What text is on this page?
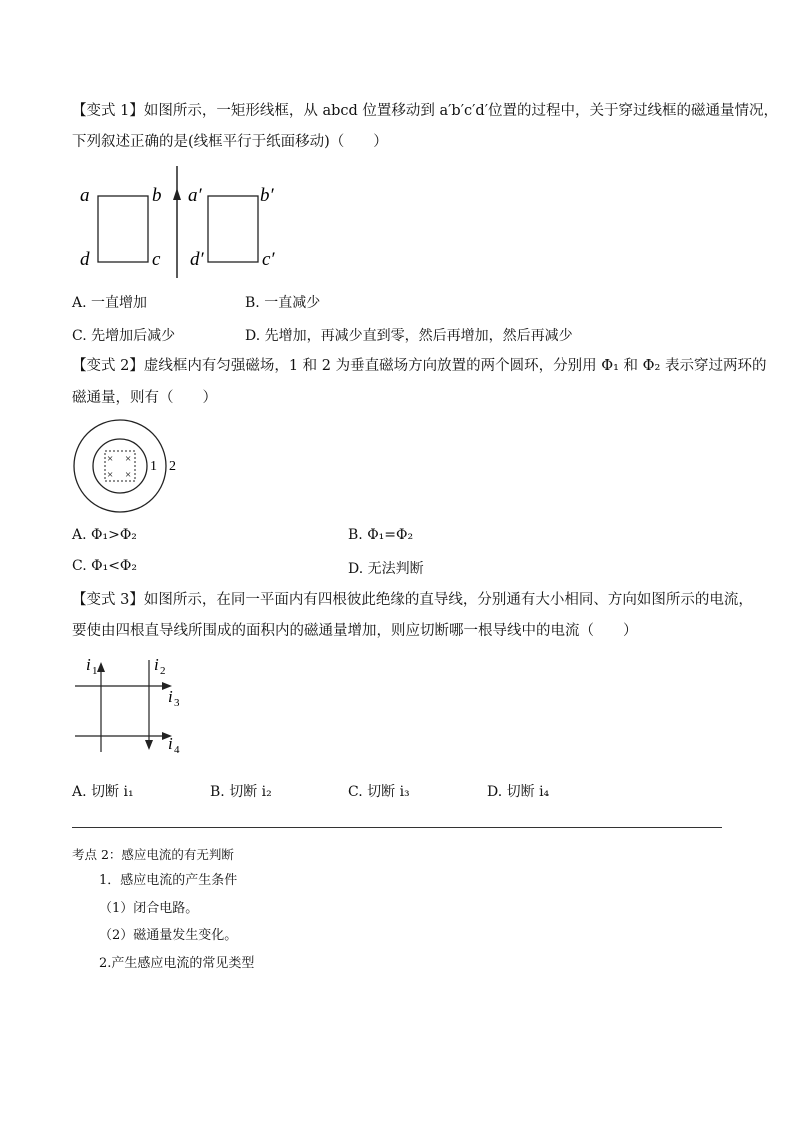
【变式 1】如图所示，一矩形线框，从 abcd 位置移动到 a′b′c′d′位置的过程中，关于穿过线框的磁通量情况，
下列叙述正确的是(线框平行于纸面移动)（　　）
a	b
c
d
a′	b′
c′
d′
A. 一直增加	B. 一直减少
C. 先增加后减少	D. 先增加，再减少直到零，然后再增加，然后再减少
【变式 2】虚线框内有匀强磁场，1 和 2 为垂直磁场方向放置的两个圆环，分别用 Φ₁ 和 Φ₂ 表示穿过两环的
磁通量，则有（　　）
× ×
× ×
1 2
A. Φ₁>Φ₂	B. Φ₁=Φ₂
C. Φ₁<Φ₂	D. 无法判断
【变式 3】如图所示，在同一平面内有四根彼此绝缘的直导线，分别通有大小相同、方向如图所示的电流，
要使由四根直导线所围成的面积内的磁通量增加，则应切断哪一根导线中的电流（　　）
i 1	i 2
i 3
i 4
A. 切断 i₁	B. 切断 i₂	C. 切断 i₃	D. 切断 i₄
考点 2：感应电流的有无判断
1．感应电流的产生条件
（1）闭合电路。
（2）磁通量发生变化。
2.产生感应电流的常见类型
